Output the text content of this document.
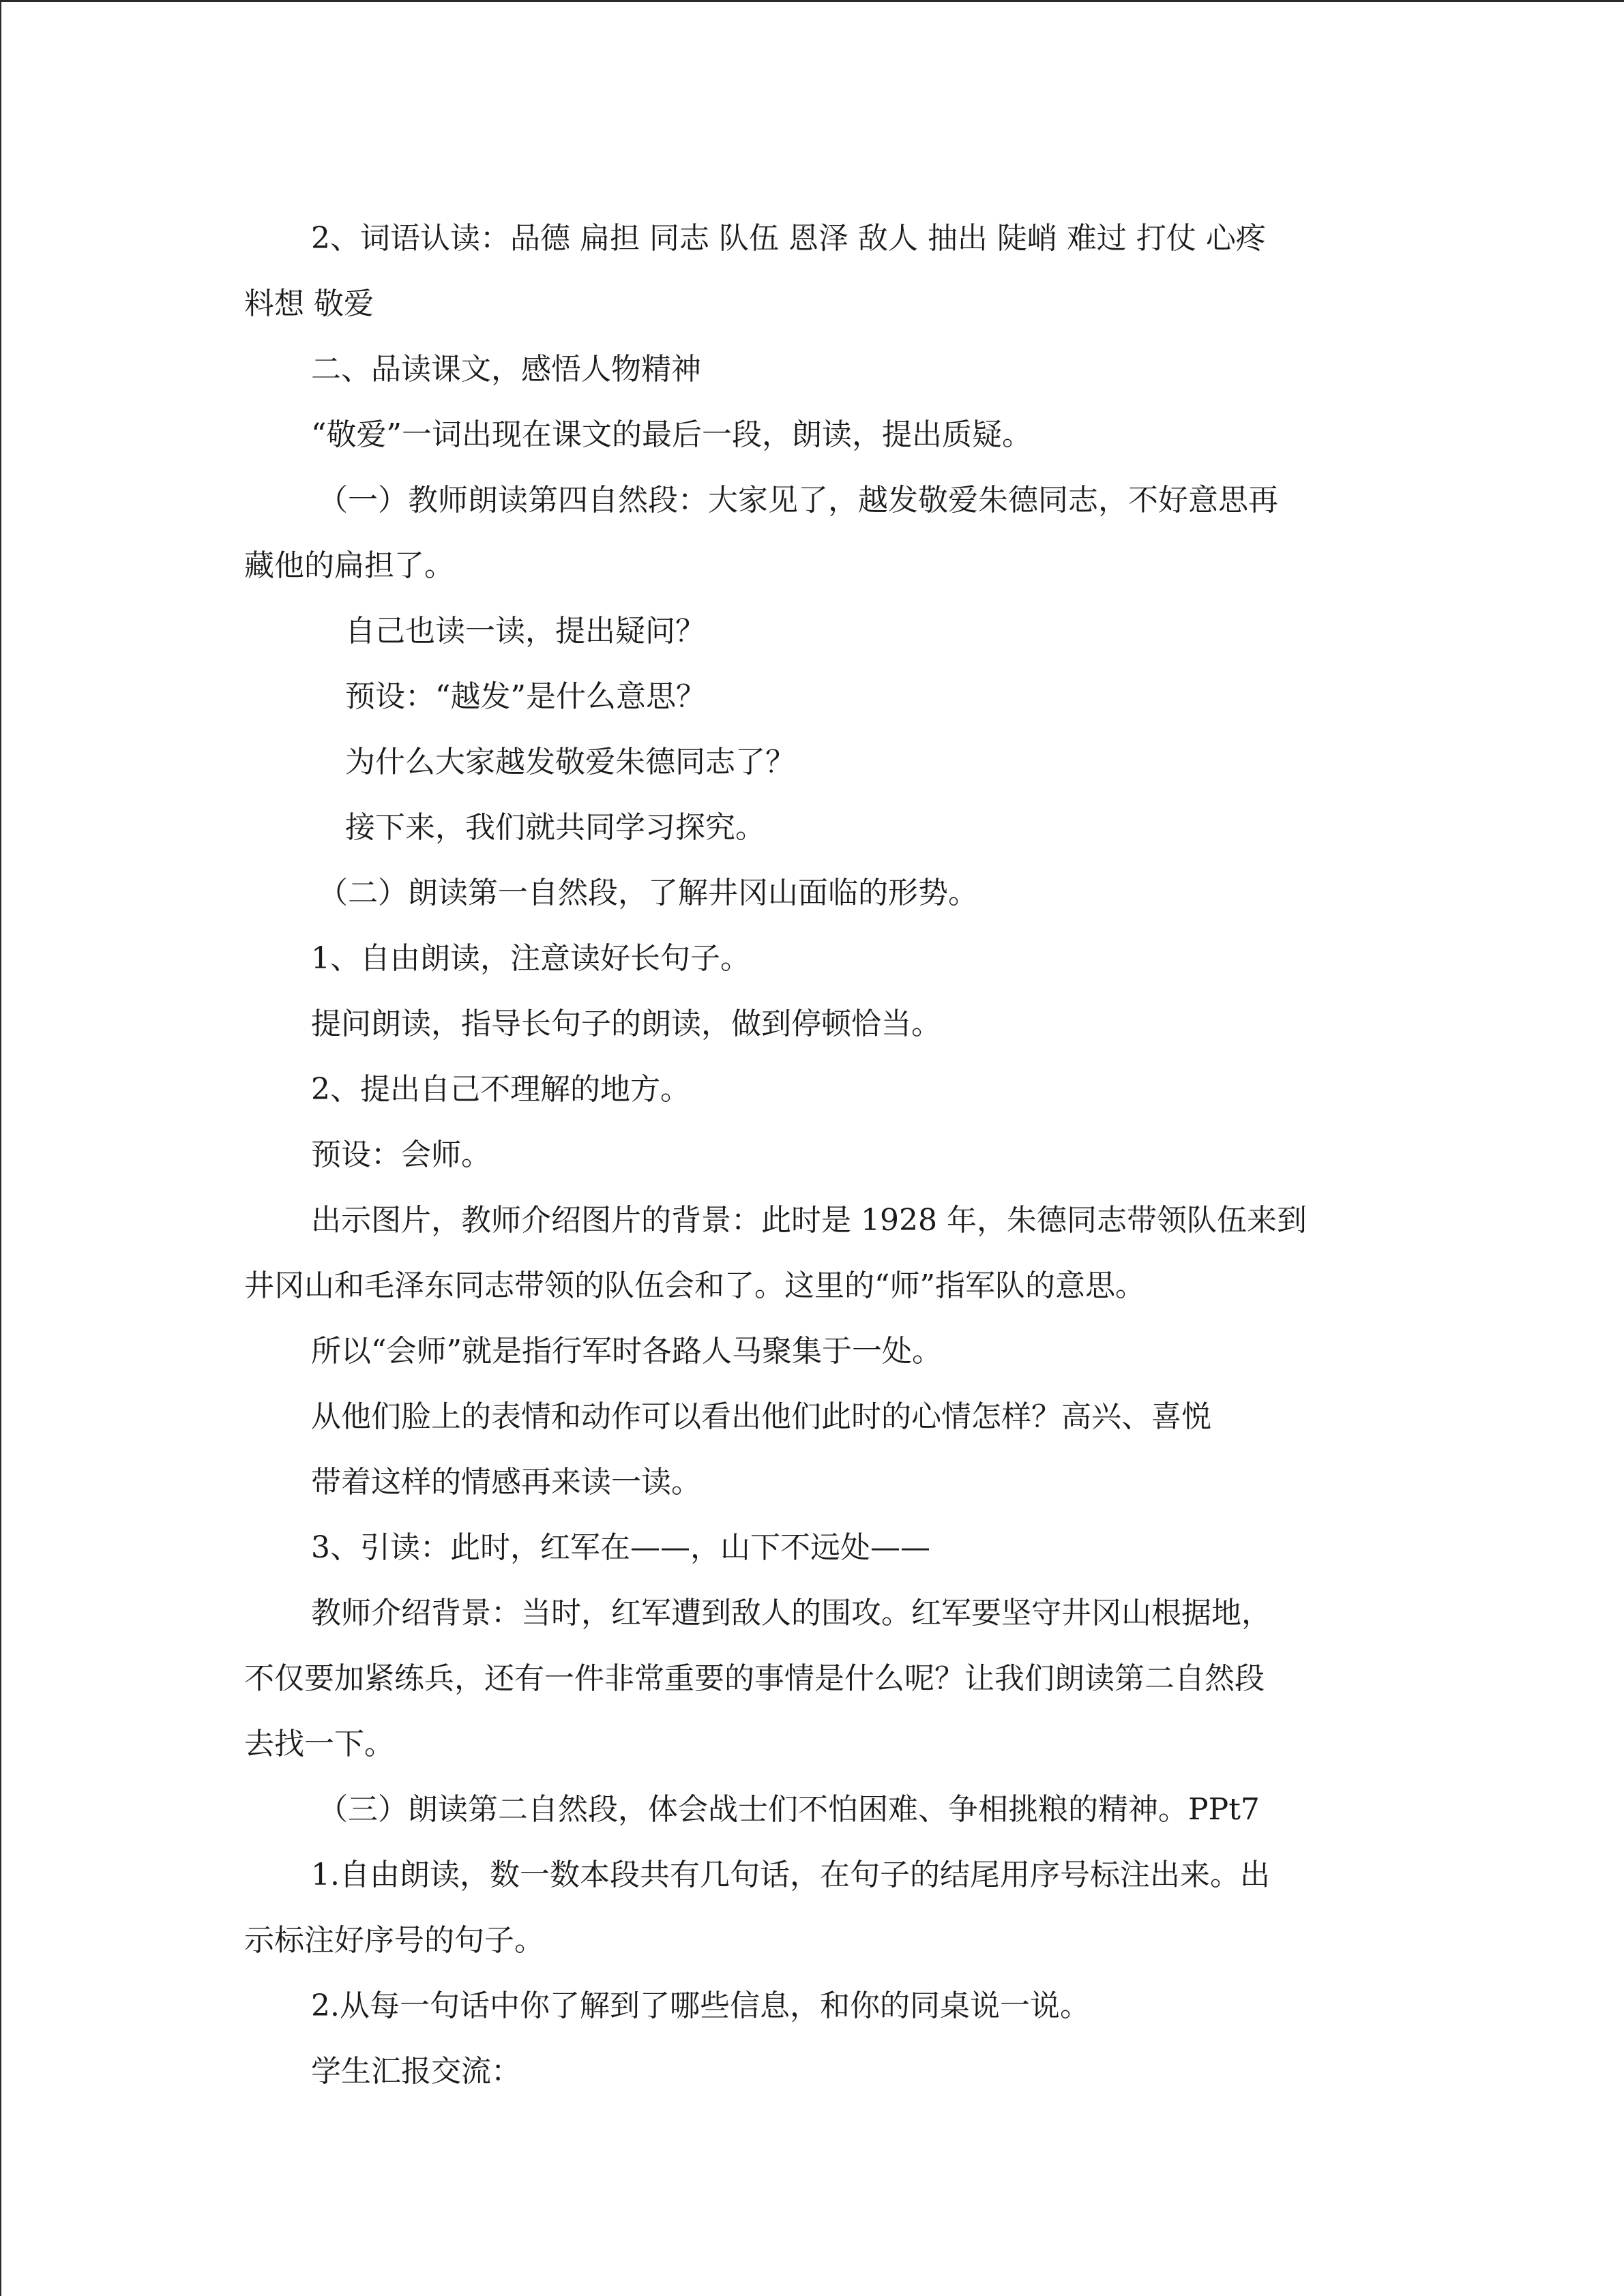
2、词语认读：品德 扁担 同志 队伍 恩泽 敌人 抽出 陡峭 难过 打仗 心疼
料想 敬爱
二、品读课文，感悟人物精神
“敬爱”一词出现在课文的最后一段，朗读，提出质疑。
（一）教师朗读第四自然段：大家见了，越发敬爱朱德同志，不好意思再
藏他的扁担了。
自己也读一读，提出疑问？
预设：“越发”是什么意思？
为什么大家越发敬爱朱德同志了？
接下来，我们就共同学习探究。
（二）朗读第一自然段，了解井冈山面临的形势。
1、自由朗读，注意读好长句子。
提问朗读，指导长句子的朗读，做到停顿恰当。
2、提出自己不理解的地方。
预设：会师。
出示图片，教师介绍图片的背景：此时是 1928 年，朱德同志带领队伍来到
井冈山和毛泽东同志带领的队伍会和了。这里的“师”指军队的意思。
所以“会师”就是指行军时各路人马聚集于一处。
从他们脸上的表情和动作可以看出他们此时的心情怎样？高兴、喜悦
带着这样的情感再来读一读。
3、引读：此时，红军在——，山下不远处——
教师介绍背景：当时，红军遭到敌人的围攻。红军要坚守井冈山根据地，
不仅要加紧练兵，还有一件非常重要的事情是什么呢？让我们朗读第二自然段
去找一下。
（三）朗读第二自然段，体会战士们不怕困难、争相挑粮的精神。PPt7
1.自由朗读，数一数本段共有几句话，在句子的结尾用序号标注出来。出
示标注好序号的句子。
2.从每一句话中你了解到了哪些信息，和你的同桌说一说。
学生汇报交流：
